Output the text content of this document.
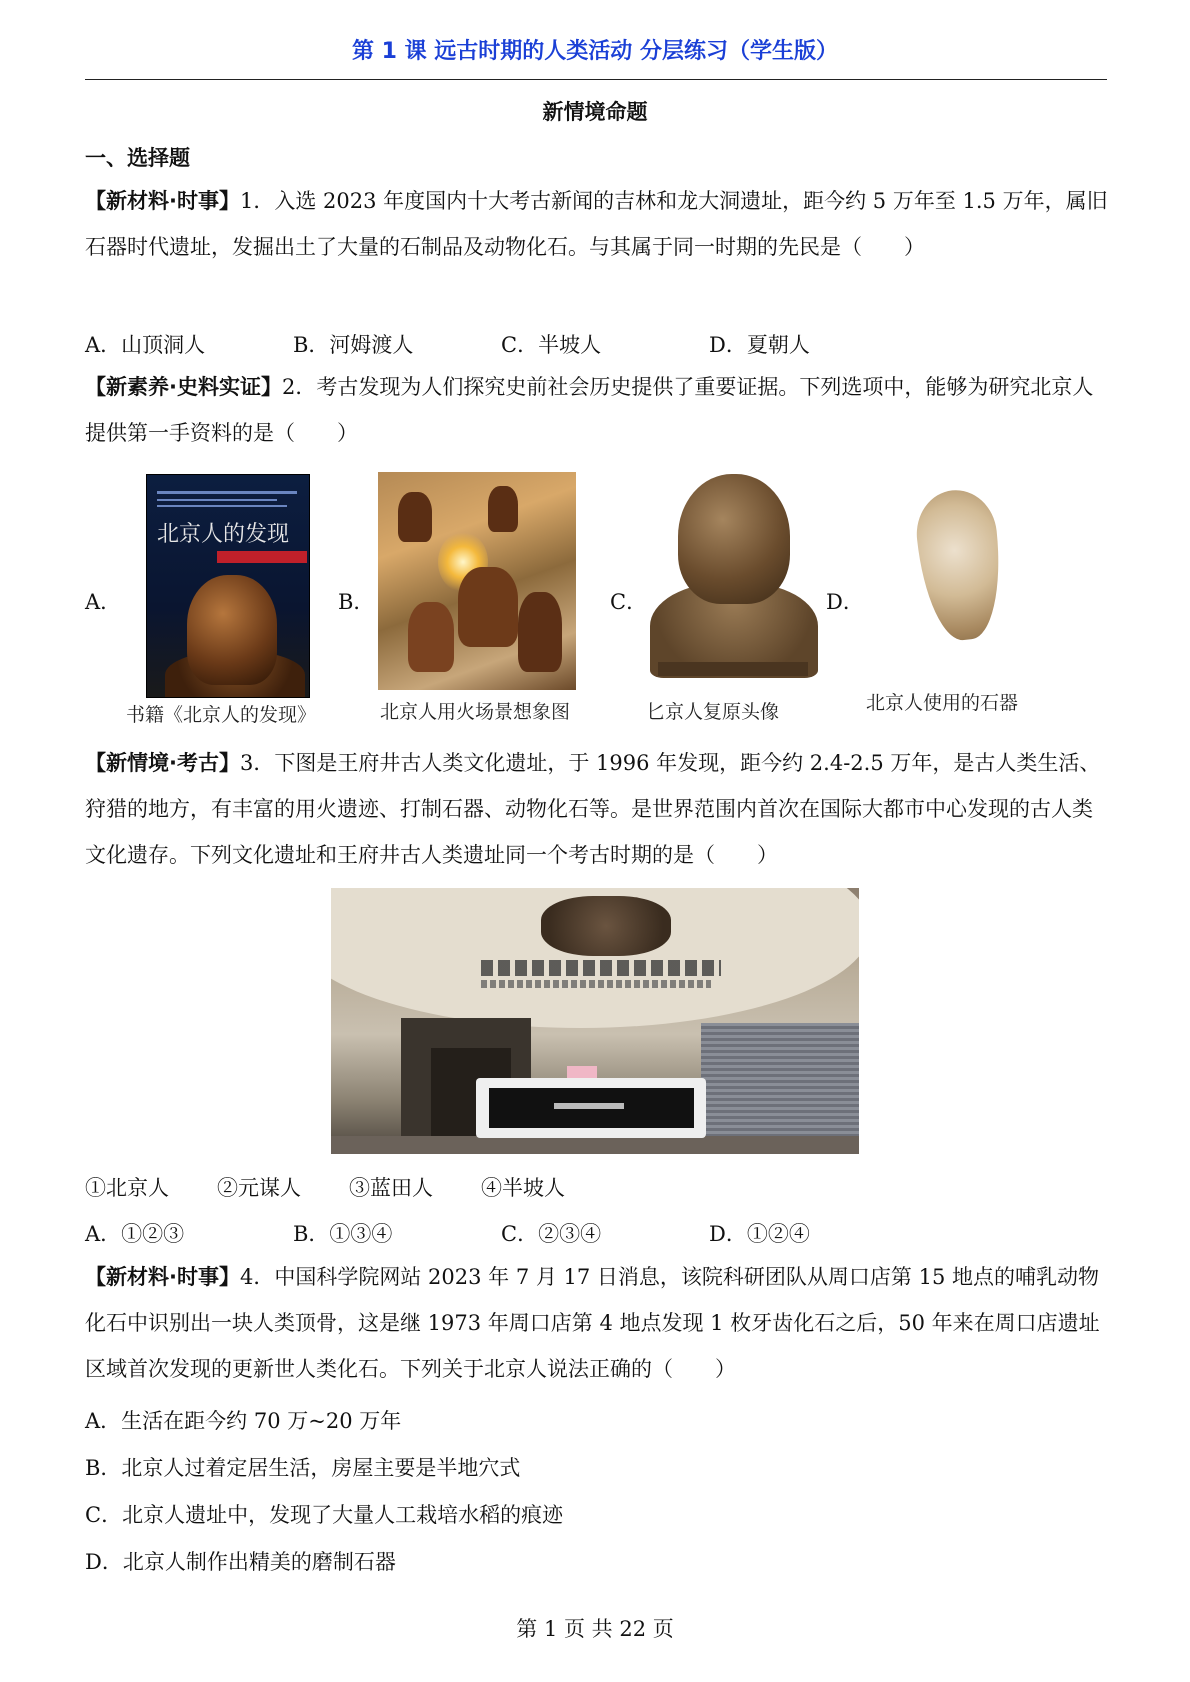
第 1 课 远古时期的人类活动 分层练习（学生版）
新情境命题
一、选择题
【新材料·时事】1．入选 2023 年度国内十大考古新闻的吉林和龙大洞遗址，距今约 5 万年至 1.5 万年，属旧石器时代遗址，发掘出土了大量的石制品及动物化石。与其属于同一时期的先民是（　　）
A．山顶洞人	B．河姆渡人	C．半坡人	D．夏朝人
【新素养·史料实证】2．考古发现为人们探究史前社会历史提供了重要证据。下列选项中，能够为研究北京人提供第一手资料的是（　　）
A．
北京人的发现
书籍《北京人的发现》
B．
北京人用火场景想象图
C．
匕京人复原头像
D．
北京人使用的石器
【新情境·考古】3．下图是王府井古人类文化遗址，于 1996 年发现，距今约 2.4-2.5 万年，是古人类生活、狩猎的地方，有丰富的用火遗迹、打制石器、动物化石等。是世界范围内首次在国际大都市中心发现的古人类文化遗存。下列文化遗址和王府井古人类遗址同一个考古时期的是（　　）
①北京人 ②元谋人 ③蓝田人 ④半坡人
A．①②③	B．①③④	C．②③④	D．①②④
【新材料·时事】4．中国科学院网站 2023 年 7 月 17 日消息，该院科研团队从周口店第 15 地点的哺乳动物化石中识别出一块人类顶骨，这是继 1973 年周口店第 4 地点发现 1 枚牙齿化石之后，50 年来在周口店遗址区域首次发现的更新世人类化石。下列关于北京人说法正确的（　　）
A．生活在距今约 70 万~20 万年
B．北京人过着定居生活，房屋主要是半地穴式
C．北京人遗址中，发现了大量人工栽培水稻的痕迹
D．北京人制作出精美的磨制石器
第 1 页 共 22 页
